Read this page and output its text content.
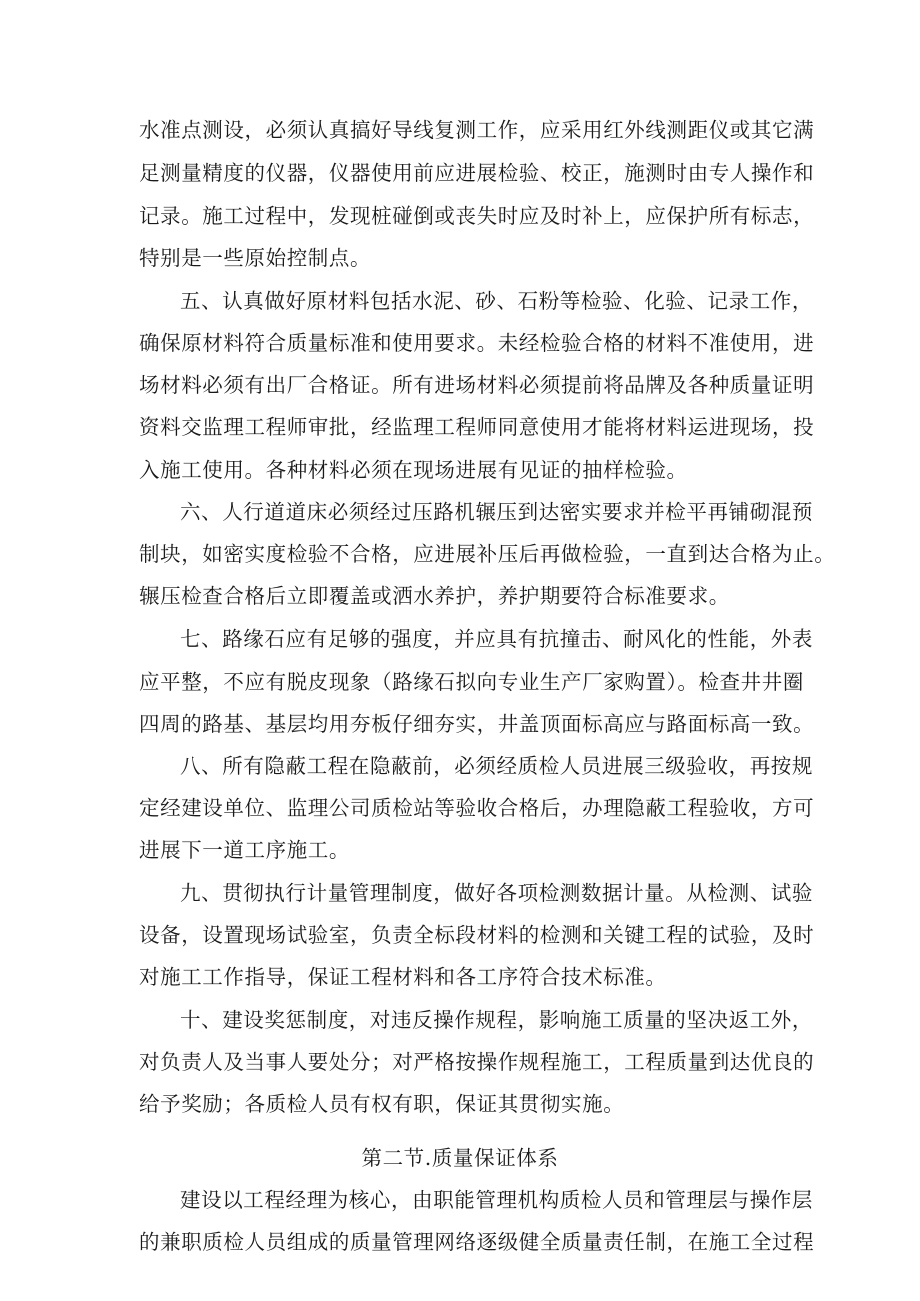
水准点测设，必须认真搞好导线复测工作，应采用红外线测距仪或其它满
足测量精度的仪器，仪器使用前应进展检验、校正，施测时由专人操作和
记录。施工过程中，发现桩碰倒或丧失时应及时补上，应保护所有标志，
特别是一些原始控制点。
五、认真做好原材料包括水泥、砂、石粉等检验、化验、记录工作，
确保原材料符合质量标准和使用要求。未经检验合格的材料不准使用，进
场材料必须有出厂合格证。所有进场材料必须提前将品牌及各种质量证明
资料交监理工程师审批，经监理工程师同意使用才能将材料运进现场，投
入施工使用。各种材料必须在现场进展有见证的抽样检验。
六、人行道道床必须经过压路机辗压到达密实要求并检平再铺砌混预
制块，如密实度检验不合格，应进展补压后再做检验，一直到达合格为止。
辗压检查合格后立即覆盖或洒水养护，养护期要符合标准要求。
七、路缘石应有足够的强度，并应具有抗撞击、耐风化的性能，外表
应平整，不应有脱皮现象（路缘石拟向专业生产厂家购置）。检查井井圈
四周的路基、基层均用夯板仔细夯实，井盖顶面标高应与路面标高一致。
八、所有隐蔽工程在隐蔽前，必须经质检人员进展三级验收，再按规
定经建设单位、监理公司质检站等验收合格后，办理隐蔽工程验收，方可
进展下一道工序施工。
九、贯彻执行计量管理制度，做好各项检测数据计量。从检测、试验
设备，设置现场试验室，负责全标段材料的检测和关键工程的试验，及时
对施工工作指导，保证工程材料和各工序符合技术标准。
十、建设奖惩制度，对违反操作规程，影响施工质量的坚决返工外，
对负责人及当事人要处分；对严格按操作规程施工，工程质量到达优良的
给予奖励；各质检人员有权有职，保证其贯彻实施。
第二节.质量保证体系
建设以工程经理为核心，由职能管理机构质检人员和管理层与操作层
的兼职质检人员组成的质量管理网络逐级健全质量责任制，在施工全过程
